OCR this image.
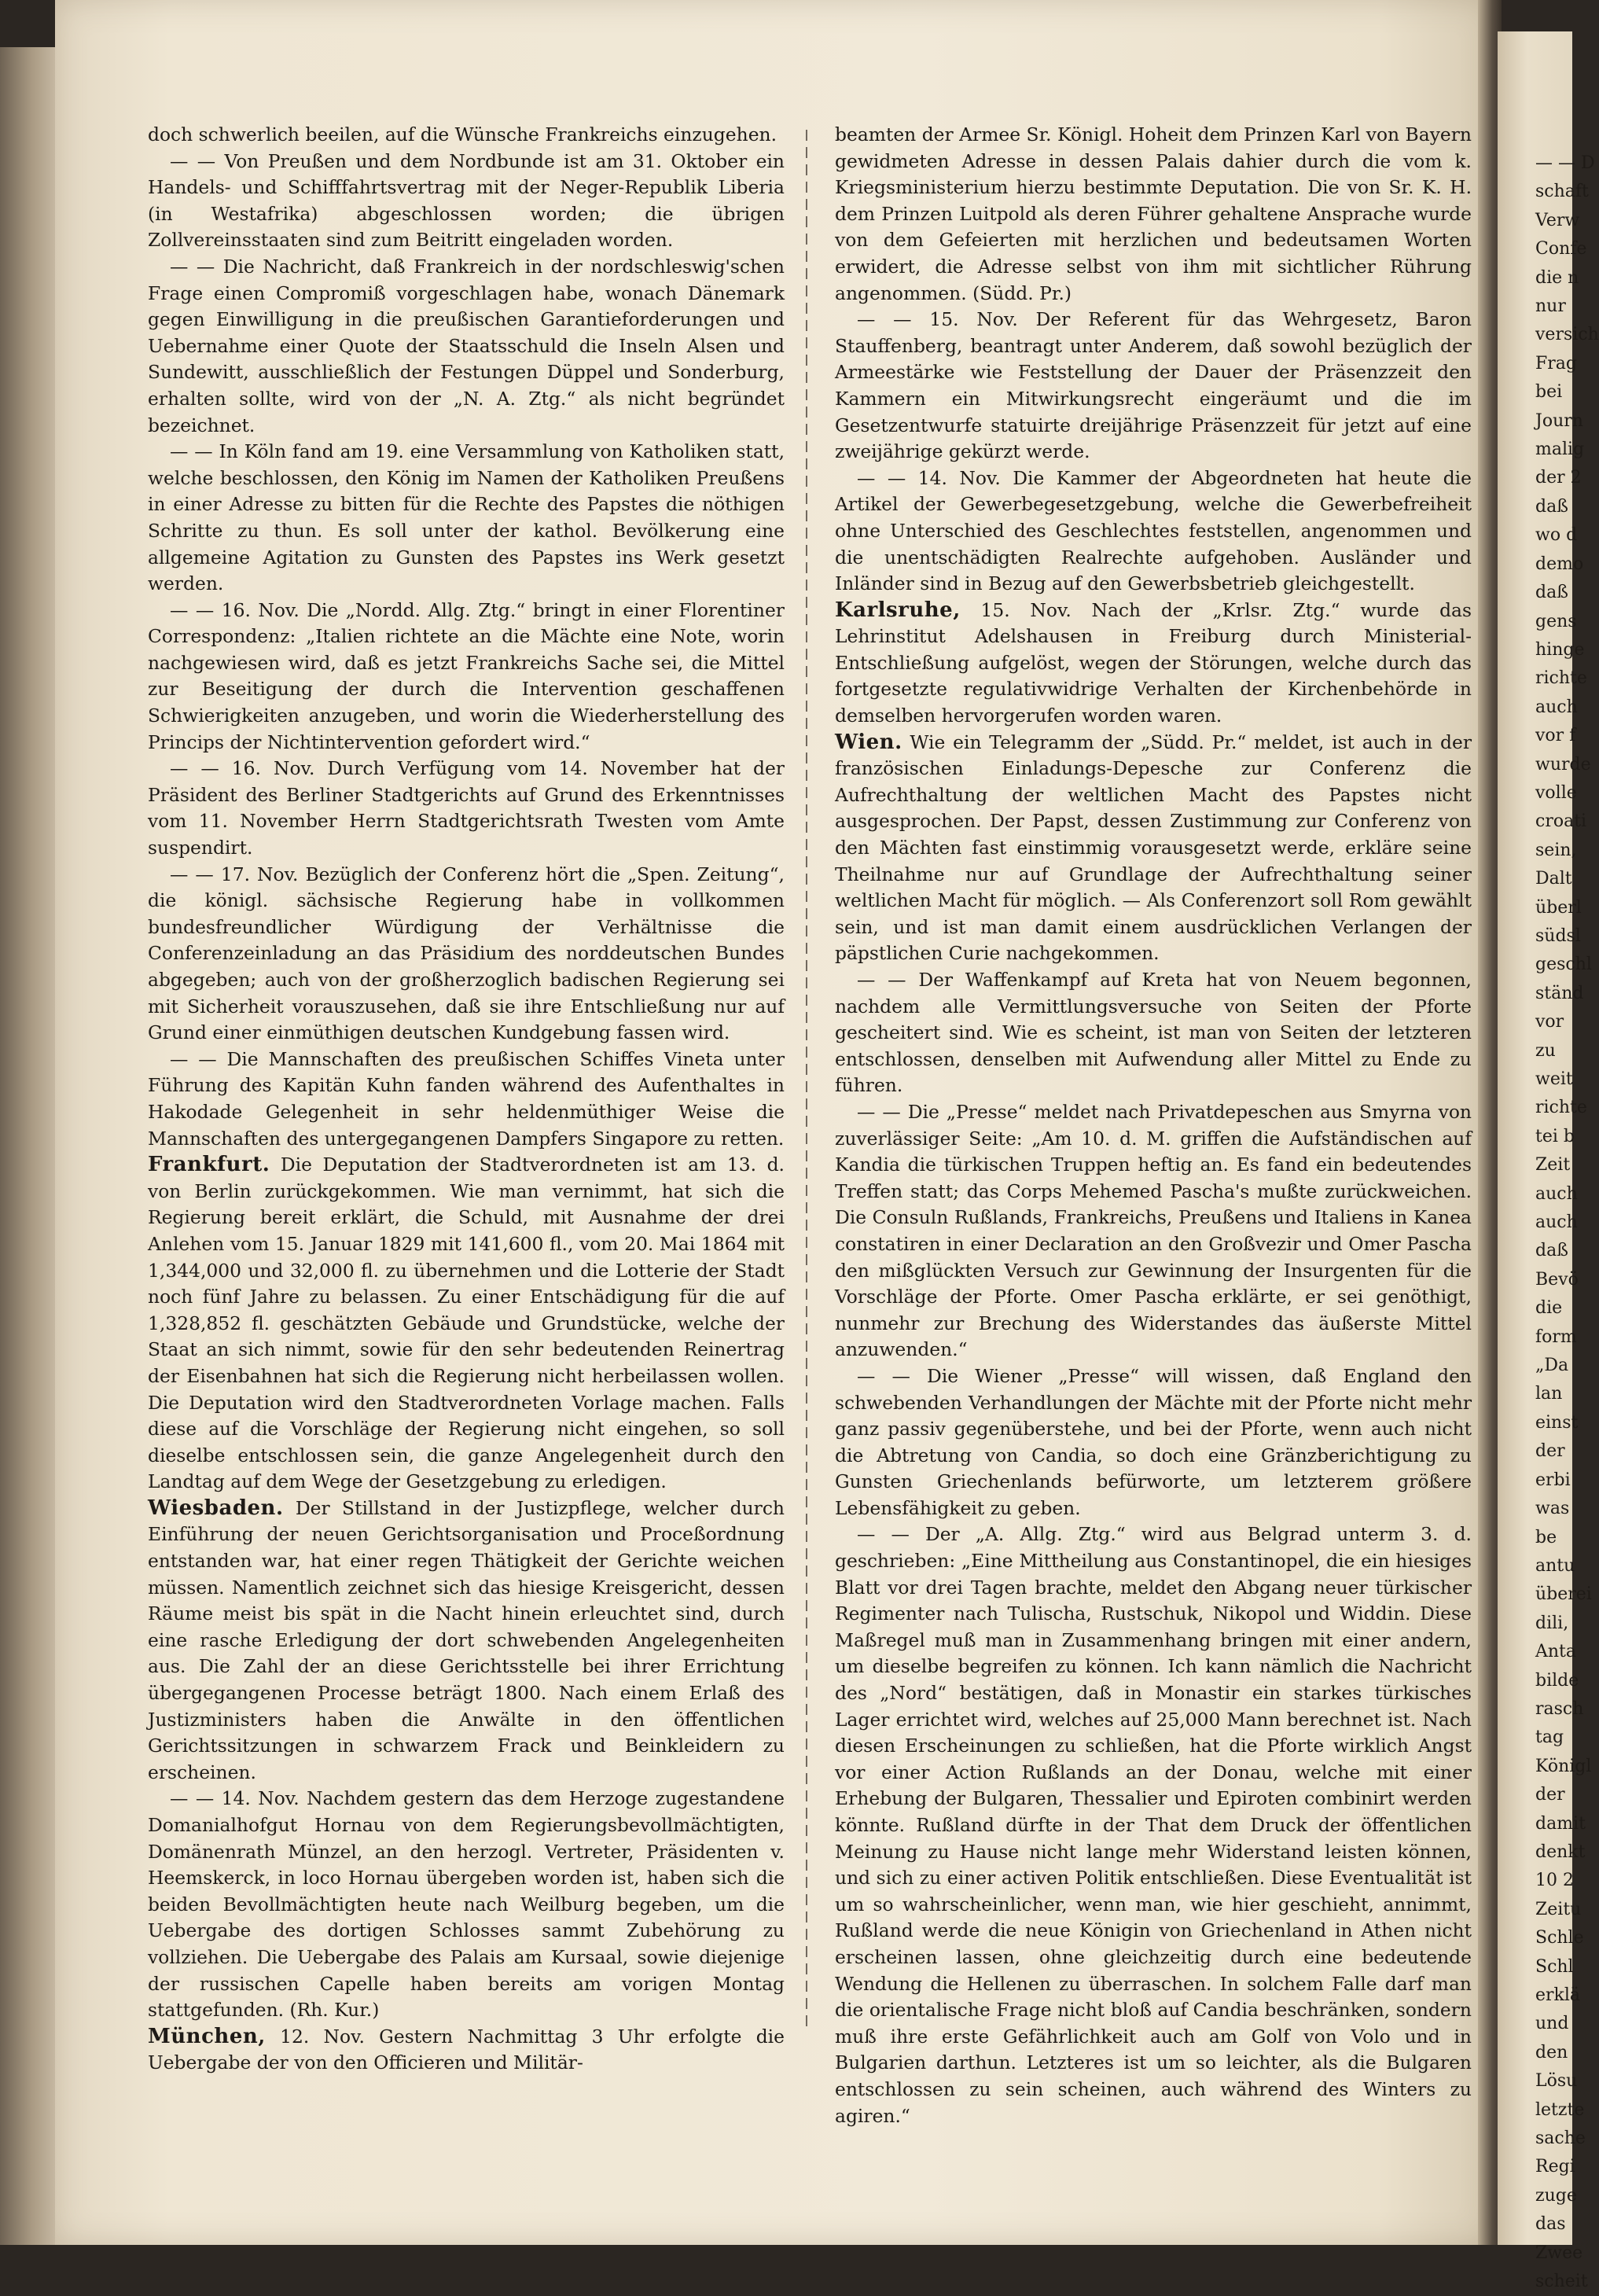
doch schwerlich beeilen, auf die Wünsche Frankreichs einzugehen.

— — Von Preußen und dem Nordbunde ist am 31. Oktober ein Handels- und Schifffahrtsvertrag mit der Neger-Republik Liberia (in Westafrika) abgeschlossen worden; die übrigen Zollvereinsstaaten sind zum Beitritt eingeladen worden.

— — Die Nachricht, daß Frankreich in der nordschleswig'schen Frage einen Compromiß vorgeschlagen habe, wonach Dänemark gegen Einwilligung in die preußischen Garantieforderungen und Uebernahme einer Quote der Staatsschuld die Inseln Alsen und Sundewitt, ausschließlich der Festungen Düppel und Sonderburg, erhalten sollte, wird von der „N. A. Ztg.“ als nicht begründet bezeichnet.

— — In Köln fand am 19. eine Versammlung von Katholiken statt, welche beschlossen, den König im Namen der Katholiken Preußens in einer Adresse zu bitten für die Rechte des Papstes die nöthigen Schritte zu thun. Es soll unter der kathol. Bevölkerung eine allgemeine Agitation zu Gunsten des Papstes ins Werk gesetzt werden.

— — 16. Nov. Die „Nordd. Allg. Ztg.“ bringt in einer Florentiner Correspondenz: „Italien richtete an die Mächte eine Note, worin nachgewiesen wird, daß es jetzt Frankreichs Sache sei, die Mittel zur Beseitigung der durch die Intervention geschaffenen Schwierigkeiten anzugeben, und worin die Wiederherstellung des Princips der Nichtintervention gefordert wird.“

— — 16. Nov. Durch Verfügung vom 14. November hat der Präsident des Berliner Stadtgerichts auf Grund des Erkenntnisses vom 11. November Herrn Stadtgerichtsrath Twesten vom Amte suspendirt.

— — 17. Nov. Bezüglich der Conferenz hört die „Spen. Zeitung“, die königl. sächsische Regierung habe in vollkommen bundesfreundlicher Würdigung der Verhältnisse die Conferenzeinladung an das Präsidium des norddeutschen Bundes abgegeben; auch von der großherzoglich badischen Regierung sei mit Sicherheit vorauszusehen, daß sie ihre Entschließung nur auf Grund einer einmüthigen deutschen Kundgebung fassen wird.

— — Die Mannschaften des preußischen Schiffes Vineta unter Führung des Kapitän Kuhn fanden während des Aufenthaltes in Hakodade Gelegenheit in sehr heldenmüthiger Weise die Mannschaften des untergegangenen Dampfers Singapore zu retten.

Frankfurt. Die Deputation der Stadtverordneten ist am 13. d. von Berlin zurückgekommen. Wie man vernimmt, hat sich die Regierung bereit erklärt, die Schuld, mit Ausnahme der drei Anlehen vom 15. Januar 1829 mit 141,600 fl., vom 20. Mai 1864 mit 1,344,000 und 32,000 fl. zu übernehmen und die Lotterie der Stadt noch fünf Jahre zu belassen. Zu einer Entschädigung für die auf 1,328,852 fl. geschätzten Gebäude und Grundstücke, welche der Staat an sich nimmt, sowie für den sehr bedeutenden Reinertrag der Eisenbahnen hat sich die Regierung nicht herbeilassen wollen. Die Deputation wird den Stadtverordneten Vorlage machen. Falls diese auf die Vorschläge der Regierung nicht eingehen, so soll dieselbe entschlossen sein, die ganze Angelegenheit durch den Landtag auf dem Wege der Gesetzgebung zu erledigen.

Wiesbaden. Der Stillstand in der Justizpflege, welcher durch Einführung der neuen Gerichtsorganisation und Proceßordnung entstanden war, hat einer regen Thätigkeit der Gerichte weichen müssen. Namentlich zeichnet sich das hiesige Kreisgericht, dessen Räume meist bis spät in die Nacht hinein erleuchtet sind, durch eine rasche Erledigung der dort schwebenden Angelegenheiten aus. Die Zahl der an diese Gerichtsstelle bei ihrer Errichtung übergegangenen Processe beträgt 1800. Nach einem Erlaß des Justizministers haben die Anwälte in den öffentlichen Gerichtssitzungen in schwarzem Frack und Beinkleidern zu erscheinen.

— — 14. Nov. Nachdem gestern das dem Herzoge zugestandene Domanialhofgut Hornau von dem Regierungsbevollmächtigten, Domänenrath Münzel, an den herzogl. Vertreter, Präsidenten v. Heemskerck, in loco Hornau übergeben worden ist, haben sich die beiden Bevollmächtigten heute nach Weilburg begeben, um die Uebergabe des dortigen Schlosses sammt Zubehörung zu vollziehen. Die Uebergabe des Palais am Kursaal, sowie diejenige der russischen Capelle haben bereits am vorigen Montag stattgefunden. (Rh. Kur.)

München, 12. Nov. Gestern Nachmittag 3 Uhr erfolgte die Uebergabe der von den Officieren und Militär-

beamten der Armee Sr. Königl. Hoheit dem Prinzen Karl von Bayern gewidmeten Adresse in dessen Palais dahier durch die vom k. Kriegsministerium hierzu bestimmte Deputation. Die von Sr. K. H. dem Prinzen Luitpold als deren Führer gehaltene Ansprache wurde von dem Gefeierten mit herzlichen und bedeutsamen Worten erwidert, die Adresse selbst von ihm mit sichtlicher Rührung angenommen. (Südd. Pr.)

— — 15. Nov. Der Referent für das Wehrgesetz, Baron Stauffenberg, beantragt unter Anderem, daß sowohl bezüglich der Armeestärke wie Feststellung der Dauer der Präsenzzeit den Kammern ein Mitwirkungsrecht eingeräumt und die im Gesetzentwurfe statuirte dreijährige Präsenzzeit für jetzt auf eine zweijährige gekürzt werde.

— — 14. Nov. Die Kammer der Abgeordneten hat heute die Artikel der Gewerbegesetzgebung, welche die Gewerbefreiheit ohne Unterschied des Geschlechtes feststellen, angenommen und die unentschädigten Realrechte aufgehoben. Ausländer und Inländer sind in Bezug auf den Gewerbsbetrieb gleichgestellt.

Karlsruhe, 15. Nov. Nach der „Krlsr. Ztg.“ wurde das Lehrinstitut Adelshausen in Freiburg durch Ministerial-Entschließung aufgelöst, wegen der Störungen, welche durch das fortgesetzte regulativwidrige Verhalten der Kirchenbehörde in demselben hervorgerufen worden waren.

Wien. Wie ein Telegramm der „Südd. Pr.“ meldet, ist auch in der französischen Einladungs-Depesche zur Conferenz die Aufrechthaltung der weltlichen Macht des Papstes nicht ausgesprochen. Der Papst, dessen Zustimmung zur Conferenz von den Mächten fast einstimmig vorausgesetzt werde, erkläre seine Theilnahme nur auf Grundlage der Aufrechthaltung seiner weltlichen Macht für möglich. — Als Conferenzort soll Rom gewählt sein, und ist man damit einem ausdrücklichen Verlangen der päpstlichen Curie nachgekommen.

— — Der Waffenkampf auf Kreta hat von Neuem begonnen, nachdem alle Vermittlungsversuche von Seiten der Pforte gescheitert sind. Wie es scheint, ist man von Seiten der letzteren entschlossen, denselben mit Aufwendung aller Mittel zu Ende zu führen.

— — Die „Presse“ meldet nach Privatdepeschen aus Smyrna von zuverlässiger Seite: „Am 10. d. M. griffen die Aufständischen auf Kandia die türkischen Truppen heftig an. Es fand ein bedeutendes Treffen statt; das Corps Mehemed Pascha's mußte zurückweichen. Die Consuln Rußlands, Frankreichs, Preußens und Italiens in Kanea constatiren in einer Declaration an den Großvezir und Omer Pascha den mißglückten Versuch zur Gewinnung der Insurgenten für die Vorschläge der Pforte. Omer Pascha erklärte, er sei genöthigt, nunmehr zur Brechung des Widerstandes das äußerste Mittel anzuwenden.“

— — Die Wiener „Presse“ will wissen, daß England den schwebenden Verhandlungen der Mächte mit der Pforte nicht mehr ganz passiv gegenüberstehe, und bei der Pforte, wenn auch nicht die Abtretung von Candia, so doch eine Gränzberichtigung zu Gunsten Griechenlands befürworte, um letzterem größere Lebensfähigkeit zu geben.

— — Der „A. Allg. Ztg.“ wird aus Belgrad unterm 3. d. geschrieben: „Eine Mittheilung aus Constantinopel, die ein hiesiges Blatt vor drei Tagen brachte, meldet den Abgang neuer türkischer Regimenter nach Tulischa, Rustschuk, Nikopol und Widdin. Diese Maßregel muß man in Zusammenhang bringen mit einer andern, um dieselbe begreifen zu können. Ich kann nämlich die Nachricht des „Nord“ bestätigen, daß in Monastir ein starkes türkisches Lager errichtet wird, welches auf 25,000 Mann berechnet ist. Nach diesen Erscheinungen zu schließen, hat die Pforte wirklich Angst vor einer Action Rußlands an der Donau, welche mit einer Erhebung der Bulgaren, Thessalier und Epiroten combinirt werden könnte. Rußland dürfte in der That dem Druck der öffentlichen Meinung zu Hause nicht lange mehr Widerstand leisten können, und sich zu einer activen Politik entschließen. Diese Eventualität ist um so wahrscheinlicher, wenn man, wie hier geschieht, annimmt, Rußland werde die neue Königin von Griechenland in Athen nicht erscheinen lassen, ohne gleichzeitig durch eine bedeutende Wendung die Hellenen zu überraschen. In solchem Falle darf man die orientalische Frage nicht bloß auf Candia beschränken, sondern muß ihre erste Gefährlichkeit auch am Golf von Volo und in Bulgarien darthun. Letzteres ist um so leichter, als die Bulgaren entschlossen zu sein scheinen, auch während des Winters zu agiren.“

— — D
schaft
Verw
Confe
die n
nur
versich
Frag
bei
Journ
malig
der 2
daß
wo d
demo
daß
gens
hinge
richte
auch
vor f
wurde
volle
croati
sein,
Dalt
überl
südsl
geschl
ständ
vor
zu
weit
richte
tei b
Zeit
auch
auch
daß
Bevö
die
form
„Da
lan
einst
der
erbi
was
be
antu
überei
dili,
Anta
bilde
rasch
tag
Königl
der
damit
denkt
10 2
Zeitu
Schle
Schl
erklä
und
den
Lösu
letzte
sache
Regi
zuge
das
Zwee
scheit
